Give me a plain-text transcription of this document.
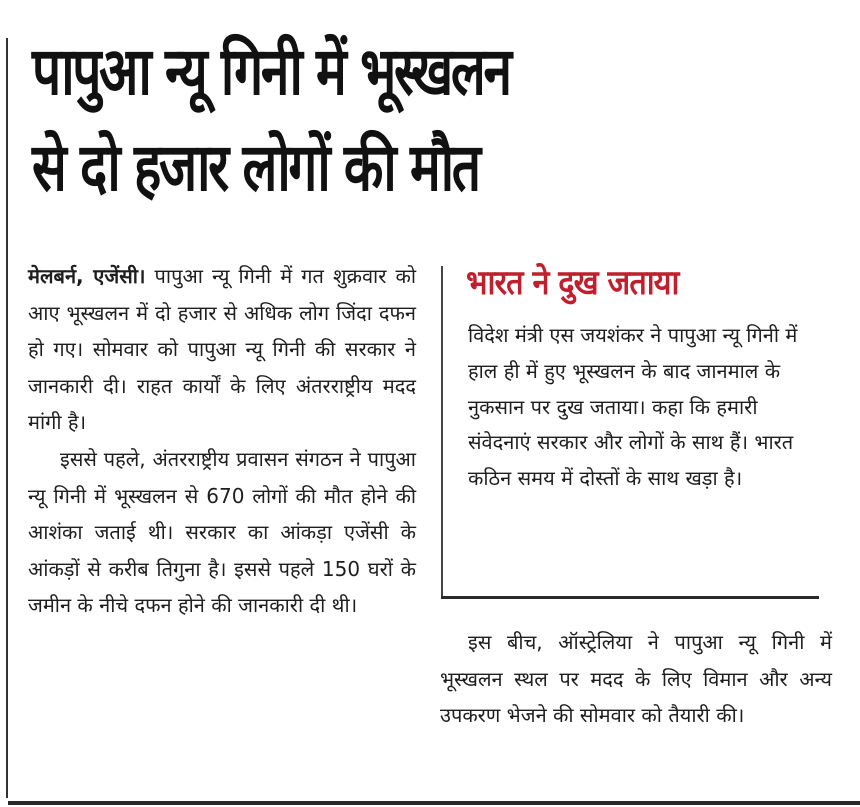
पापुआ न्यू गिनी में भूस्खलन
से दो हजार लोगों की मौत

मेलबर्न, एजेंसी। पापुआ न्यू गिनी में गत शुक्रवार को आए भूस्खलन में दो हजार से अधिक लोग जिंदा दफन हो गए। सोमवार को पापुआ न्यू गिनी की सरकार ने जानकारी दी। राहत कार्यों के लिए अंतरराष्ट्रीय मदद मांगी है।

इससे पहले, अंतरराष्ट्रीय प्रवासन संगठन ने पापुआ न्यू गिनी में भूस्खलन से 670 लोगों की मौत होने की आशंका जताई थी। सरकार का आंकड़ा एजेंसी के आंकड़ों से करीब तिगुना है। इससे पहले 150 घरों के जमीन के नीचे दफन होने की जानकारी दी थी।

भारत ने दुख जताया

विदेश मंत्री एस जयशंकर ने पापुआ न्यू गिनी में हाल ही में हुए भूस्खलन के बाद जानमाल के नुकसान पर दुख जताया। कहा कि हमारी संवेदनाएं सरकार और लोगों के साथ हैं। भारत कठिन समय में दोस्तों के साथ खड़ा है।

इस बीच, ऑस्ट्रेलिया ने पापुआ न्यू गिनी में भूस्खलन स्थल पर मदद के लिए विमान और अन्य उपकरण भेजने की सोमवार को तैयारी की।
